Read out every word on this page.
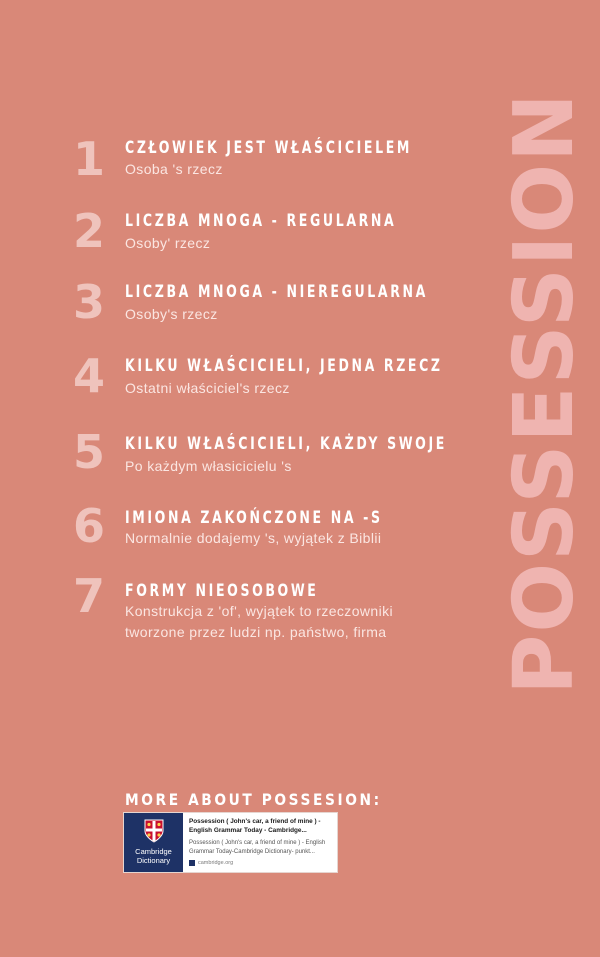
POSSESSION
1	CZŁOWIEK JEST WŁAŚCICIELEM
Osoba 's rzecz
2	LICZBA MNOGA - REGULARNA
Osoby' rzecz
3	LICZBA MNOGA - NIEREGULARNA
Osoby's rzecz
4	KILKU WŁAŚCICIELI, JEDNA RZECZ
Ostatni właściciel's rzecz
5	KILKU WŁAŚCICIELI, KAŻDY SWOJE
Po każdym własicicielu 's
6	IMIONA ZAKOŃCZONE NA -S
Normalnie dodajemy 's, wyjątek z Biblii
7	FORMY NIEOSOBOWE
Konstrukcja z 'of', wyjątek to rzeczowniki
tworzone przez ludzi np. państwo, firma
MORE ABOUT POSSESION:
Cambridge
Dictionary
Possession ( John's car, a friend of mine ) -
English Grammar Today - Cambridge...
Possession ( John's car, a friend of mine ) - English
Grammar Today-Cambridge Dictionary- punkt...
cambridge.org
